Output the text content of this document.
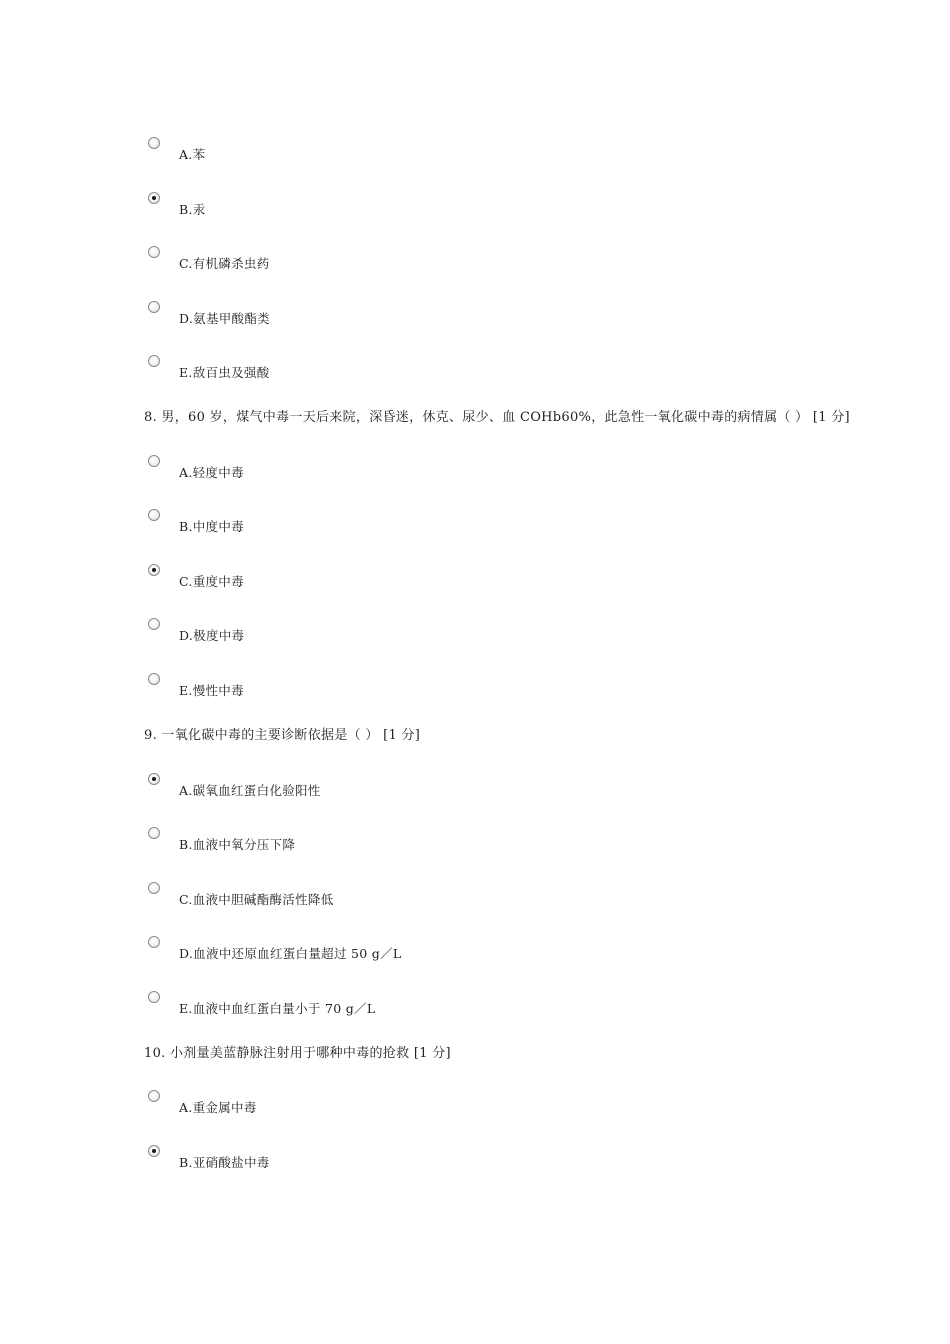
A.苯
B.汞
C.有机磷杀虫药
D.氨基甲酸酯类
E.敌百虫及强酸
8. 男，60 岁，煤气中毒一天后来院，深昏迷，休克、尿少、血 COHb60%，此急性一氧化碳中毒的病情属（ ） [1 分]
A.轻度中毒
B.中度中毒
C.重度中毒
D.极度中毒
E.慢性中毒
9. 一氧化碳中毒的主要诊断依据是（ ） [1 分]
A.碳氧血红蛋白化验阳性
B.血液中氧分压下降
C.血液中胆碱酯酶活性降低
D.血液中还原血红蛋白量超过 50 g／L
E.血液中血红蛋白量小于 70 g／L
10. 小剂量美蓝静脉注射用于哪种中毒的抢救 [1 分]
A.重金属中毒
B.亚硝酸盐中毒
